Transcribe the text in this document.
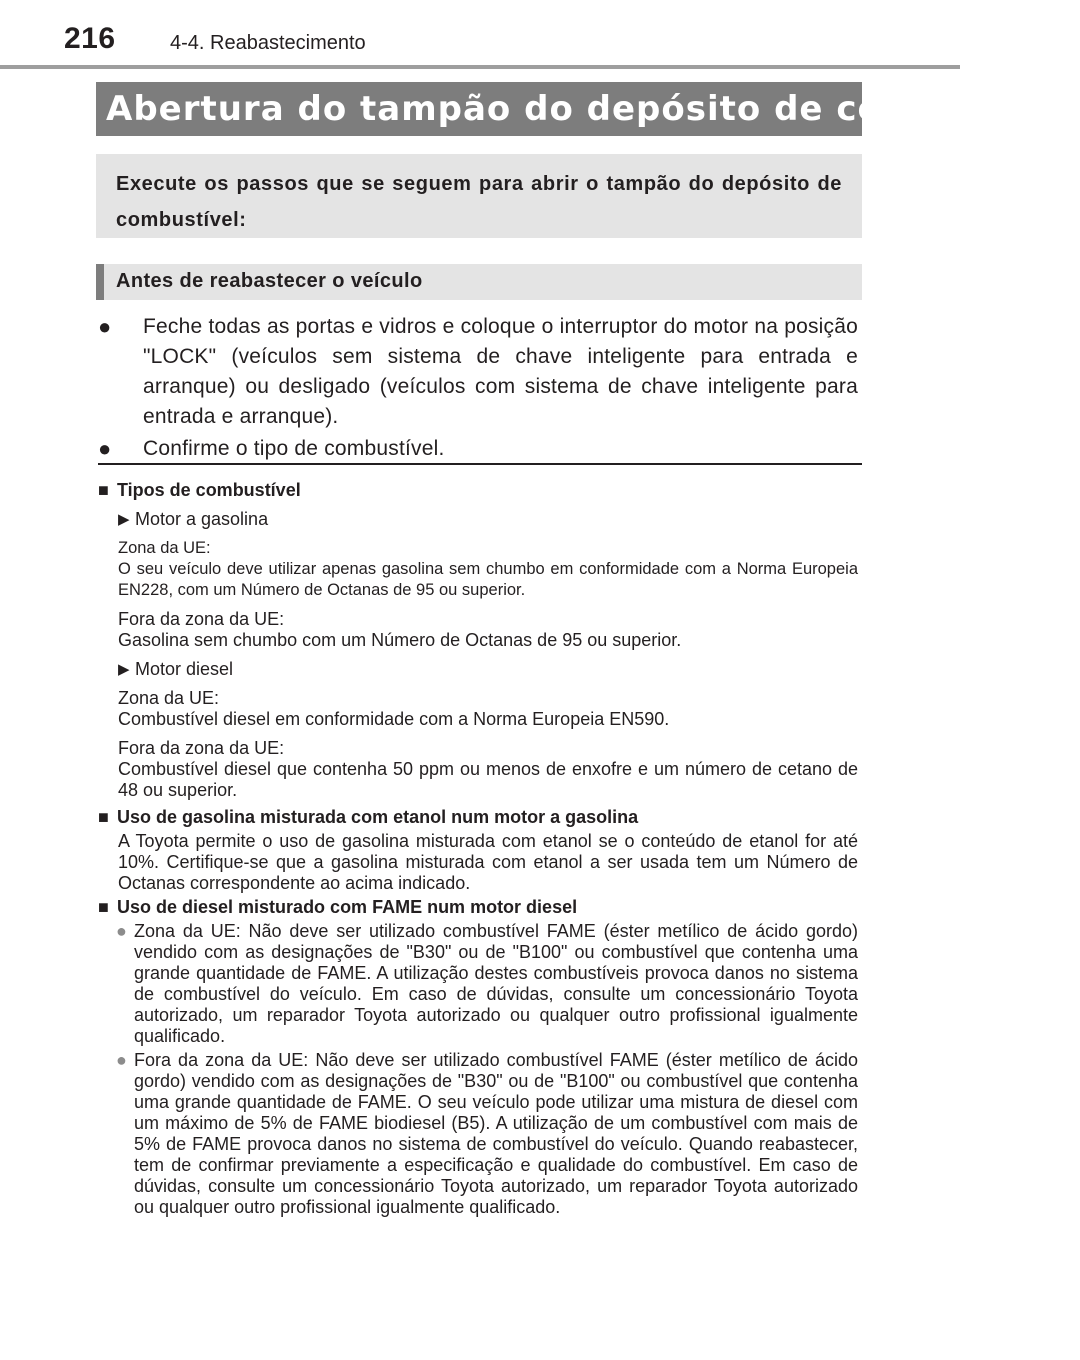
216	4-4. Reabastecimento
Abertura do tampão do depósito de combustível
Execute os passos que se seguem para abrir o tampão do depósito de combustível:
Antes de reabastecer o veículo
● Feche todas as portas e vidros e coloque o interruptor do motor na posição "LOCK" (veículos sem sistema de chave inteligente para entrada e arranque) ou desligado (veículos com sistema de chave inteligente para entrada e arranque).
● Confirme o tipo de combustível.
■ Tipos de combustível
▶ Motor a gasolina
Zona da UE:
O seu veículo deve utilizar apenas gasolina sem chumbo em conformidade com a Norma Europeia EN228, com um Número de Octanas de 95 ou superior.
Fora da zona da UE:
Gasolina sem chumbo com um Número de Octanas de 95 ou superior.
▶ Motor diesel
Zona da UE:
Combustível diesel em conformidade com a Norma Europeia EN590.
Fora da zona da UE:
Combustível diesel que contenha 50 ppm ou menos de enxofre e um número de cetano de 48 ou superior.
■ Uso de gasolina misturada com etanol num motor a gasolina
A Toyota permite o uso de gasolina misturada com etanol se o conteúdo de etanol for até 10%. Certifique-se que a gasolina misturada com etanol a ser usada tem um Número de Octanas correspondente ao acima indicado.
■ Uso de diesel misturado com FAME num motor diesel
● Zona da UE: Não deve ser utilizado combustível FAME (éster metílico de ácido gordo) vendido com as designações de "B30" ou de "B100" ou combustível que contenha uma grande quantidade de FAME. A utilização destes combustíveis provoca danos no sistema de combustível do veículo. Em caso de dúvidas, consulte um concessionário Toyota autorizado, um reparador Toyota autorizado ou qualquer outro profissional igualmente qualificado.
● Fora da zona da UE: Não deve ser utilizado combustível FAME (éster metílico de ácido gordo) vendido com as designações de "B30" ou de "B100" ou combustível que contenha uma grande quantidade de FAME. O seu veículo pode utilizar uma mistura de diesel com um máximo de 5% de FAME biodiesel (B5). A utilização de um combustível com mais de 5% de FAME provoca danos no sistema de combustível do veículo. Quando reabastecer, tem de confirmar previamente a especificação e qualidade do combustível. Em caso de dúvidas, consulte um concessionário Toyota autorizado, um reparador Toyota autorizado ou qualquer outro profissional igualmente qualificado.
